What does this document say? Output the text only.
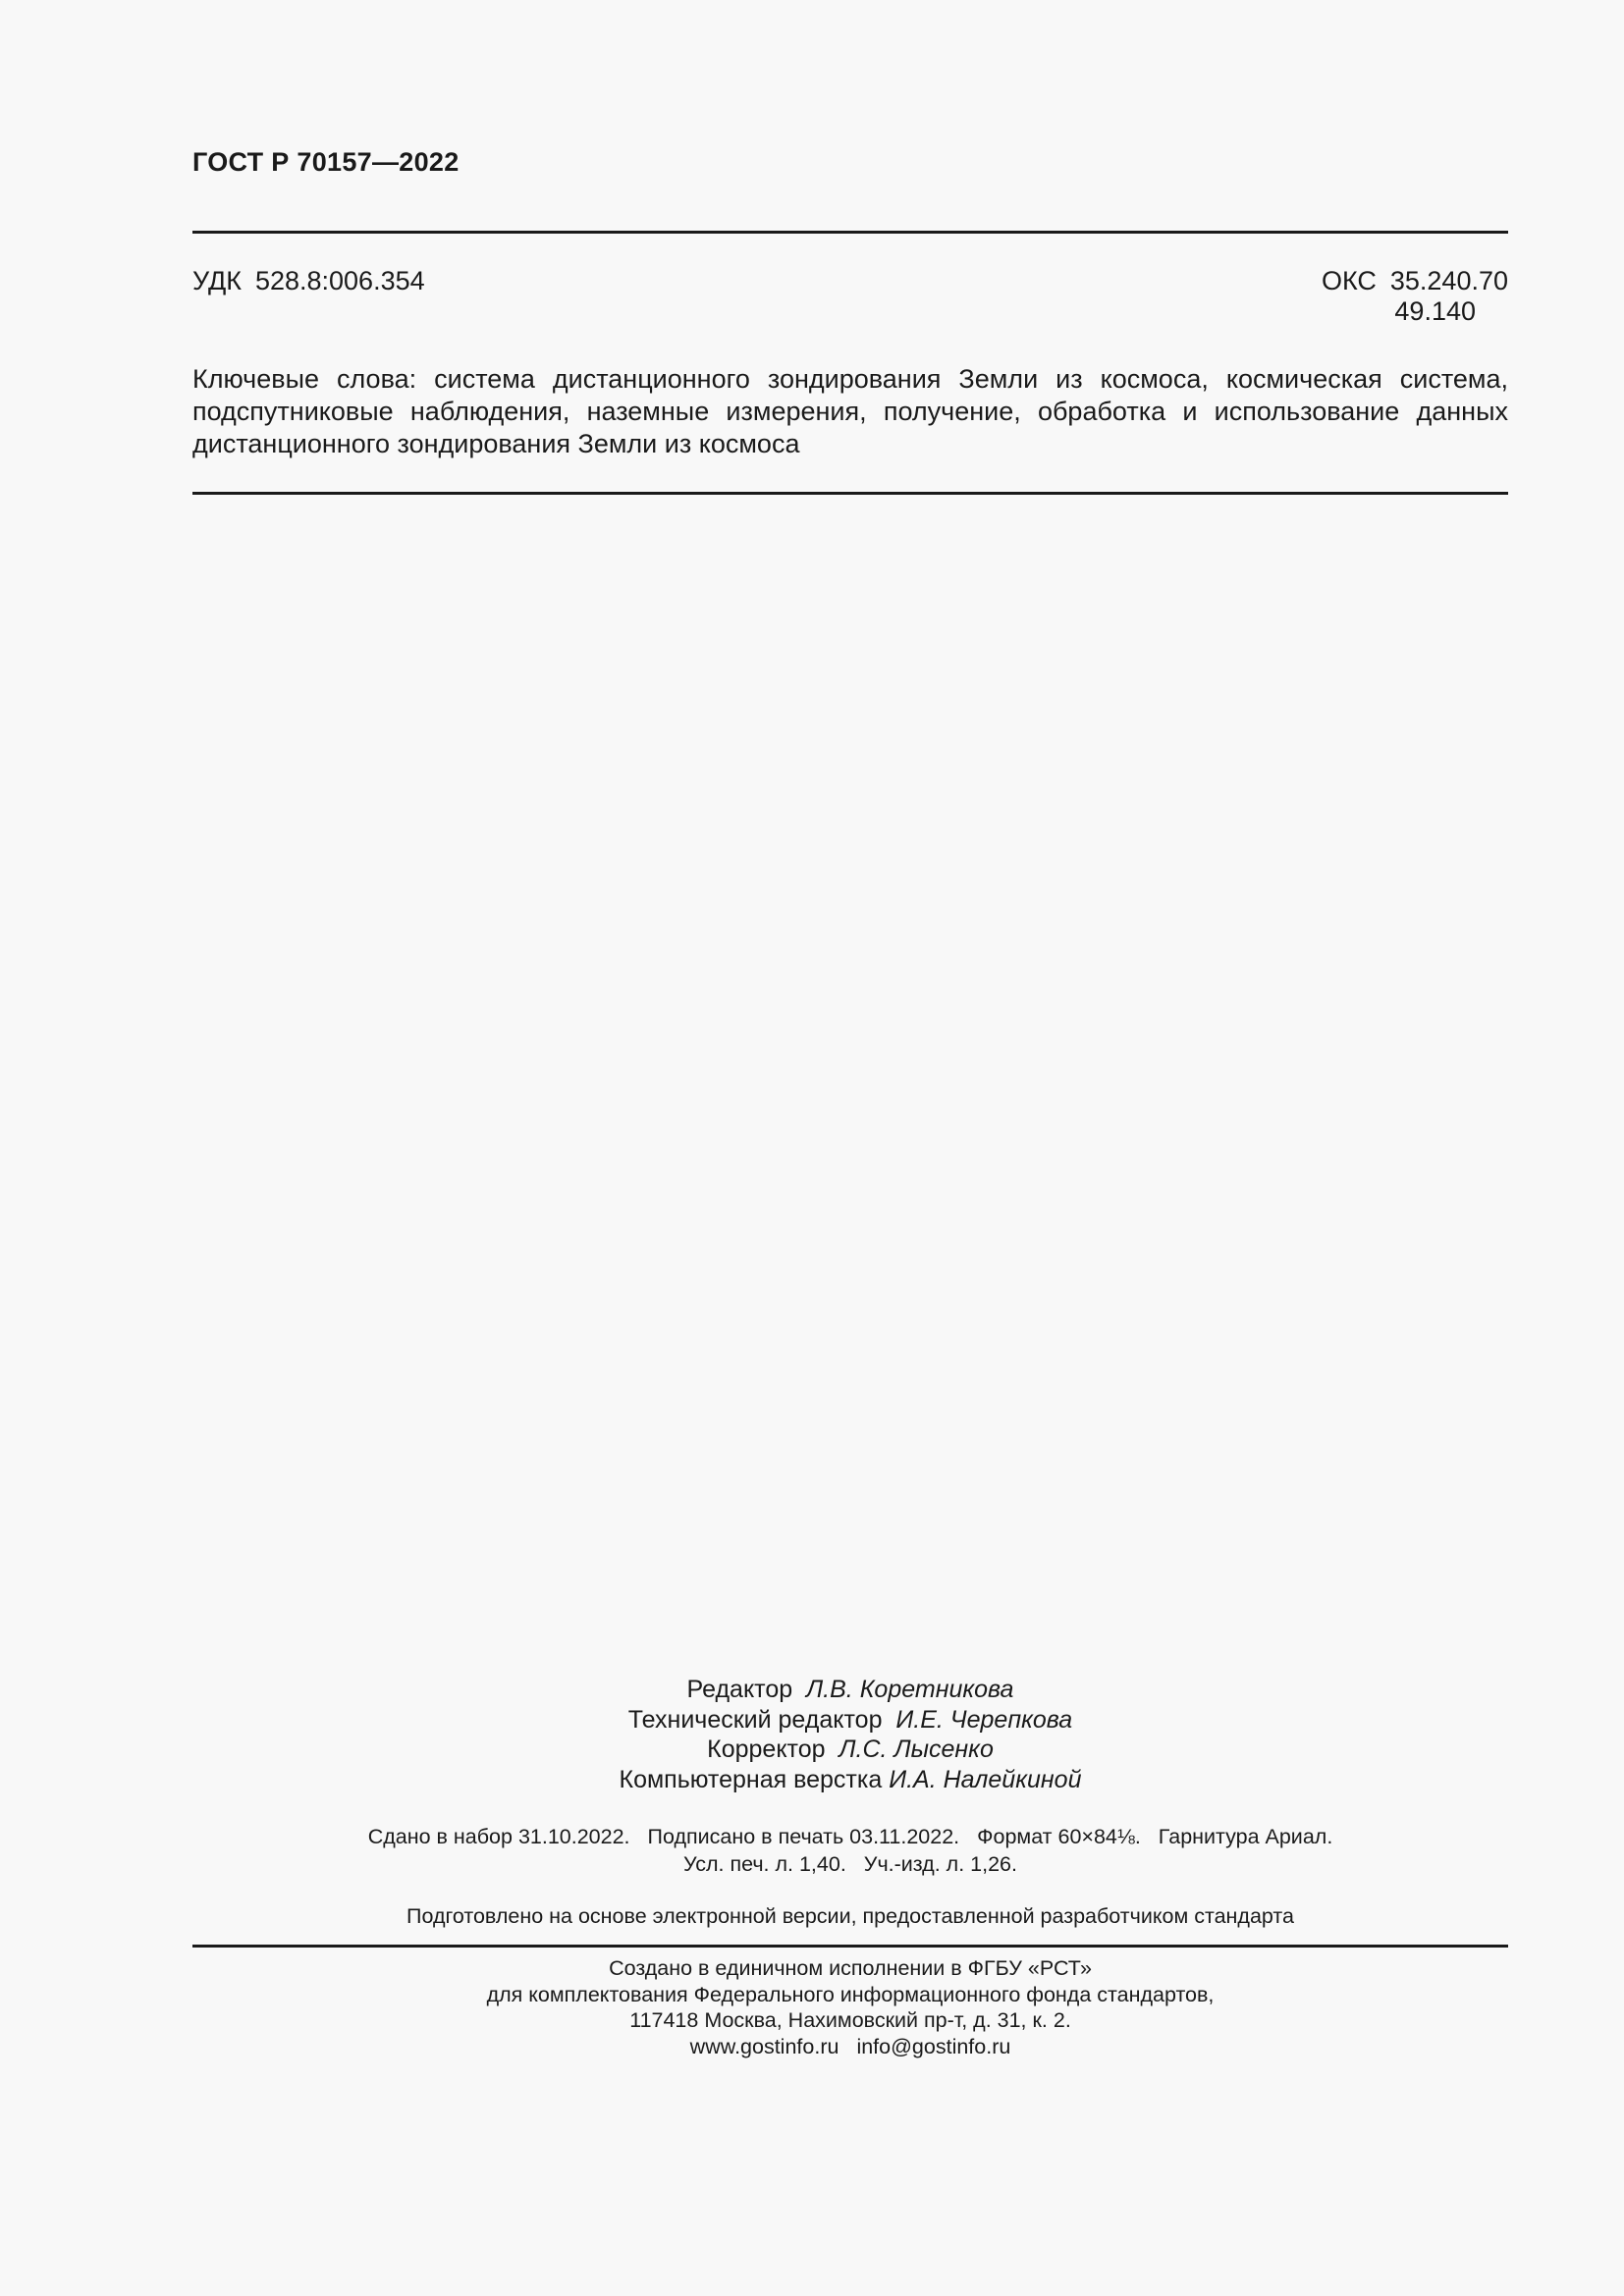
ГОСТ Р 70157—2022
УДК 528.8:006.354	ОКС 35.240.70
49.140
Ключевые слова: система дистанционного зондирования Земли из космоса, космическая система, подспутниковые наблюдения, наземные измерения, получение, обработка и использование данных дистанционного зондирования Земли из космоса
Редактор Л.В. Коретникова
Технический редактор И.Е. Черепкова
Корректор Л.С. Лысенко
Компьютерная верстка И.А. Налейкиной
Сдано в набор 31.10.2022. Подписано в печать 03.11.2022. Формат 60×84⅛. Гарнитура Ариал.
Усл. печ. л. 1,40. Уч.-изд. л. 1,26.
Подготовлено на основе электронной версии, предоставленной разработчиком стандарта
Создано в единичном исполнении в ФГБУ «РСТ»
для комплектования Федерального информационного фонда стандартов,
117418 Москва, Нахимовский пр-т, д. 31, к. 2.
www.gostinfo.ru info@gostinfo.ru
